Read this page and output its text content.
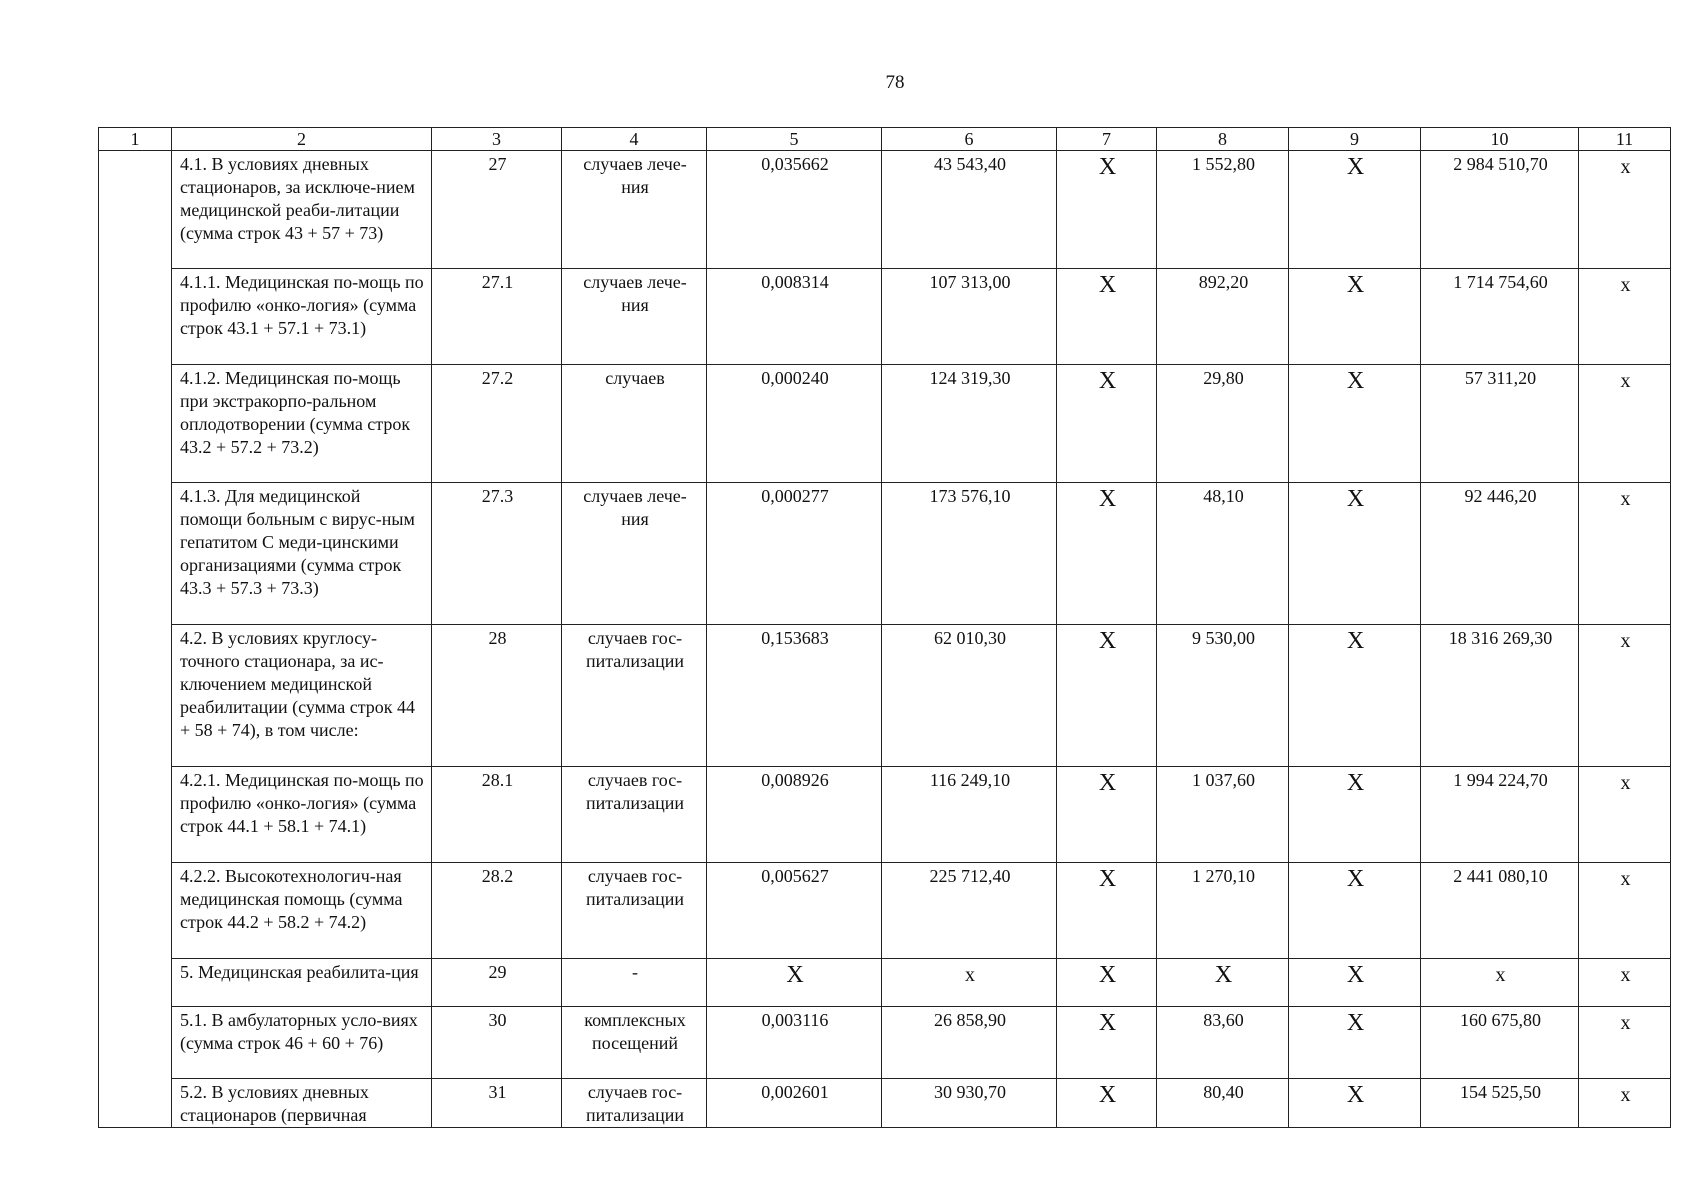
78
1	2	3	4	5	6	7	8	9	10	11
	4.1. В условиях дневных стационаров, за исключе-нием медицинской реаби-литации (сумма строк 43 + 57 + 73)	27	случаев лече-ния	0,035662	43 543,40	X	1 552,80	X	2 984 510,70	х
	4.1.1. Медицинская по-мощь по профилю «онко-логия» (сумма строк 43.1 + 57.1 + 73.1)	27.1	случаев лече-ния	0,008314	107 313,00	X	892,20	X	1 714 754,60	х
	4.1.2. Медицинская по-мощь при экстракорпо-ральном оплодотворении (сумма строк 43.2 + 57.2 + 73.2)	27.2	случаев	0,000240	124 319,30	X	29,80	X	57 311,20	х
	4.1.3. Для медицинской помощи больным с вирус-ным гепатитом С меди-цинскими организациями (сумма строк 43.3 + 57.3 + 73.3)	27.3	случаев лече-ния	0,000277	173 576,10	X	48,10	X	92 446,20	х
	4.2. В условиях круглосу-точного стационара, за ис-ключением медицинской реабилитации (сумма строк 44 + 58 + 74), в том числе:	28	случаев гос-питализации	0,153683	62 010,30	X	9 530,00	X	18 316 269,30	х
	4.2.1. Медицинская по-мощь по профилю «онко-логия» (сумма строк 44.1 + 58.1 + 74.1)	28.1	случаев гос-питализации	0,008926	116 249,10	X	1 037,60	X	1 994 224,70	х
	4.2.2. Высокотехнологич-ная медицинская помощь (сумма строк 44.2 + 58.2 + 74.2)	28.2	случаев гос-питализации	0,005627	225 712,40	X	1 270,10	X	2 441 080,10	х
	5. Медицинская реабилита-ция	29	-	X	х	X	X	X	х	х
	5.1. В амбулаторных усло-виях (сумма строк 46 + 60 + 76)	30	комплексных посещений	0,003116	26 858,90	X	83,60	X	160 675,80	х
	5.2. В условиях дневных стационаров (первичная	31	случаев гос-питализации	0,002601	30 930,70	X	80,40	X	154 525,50	х
